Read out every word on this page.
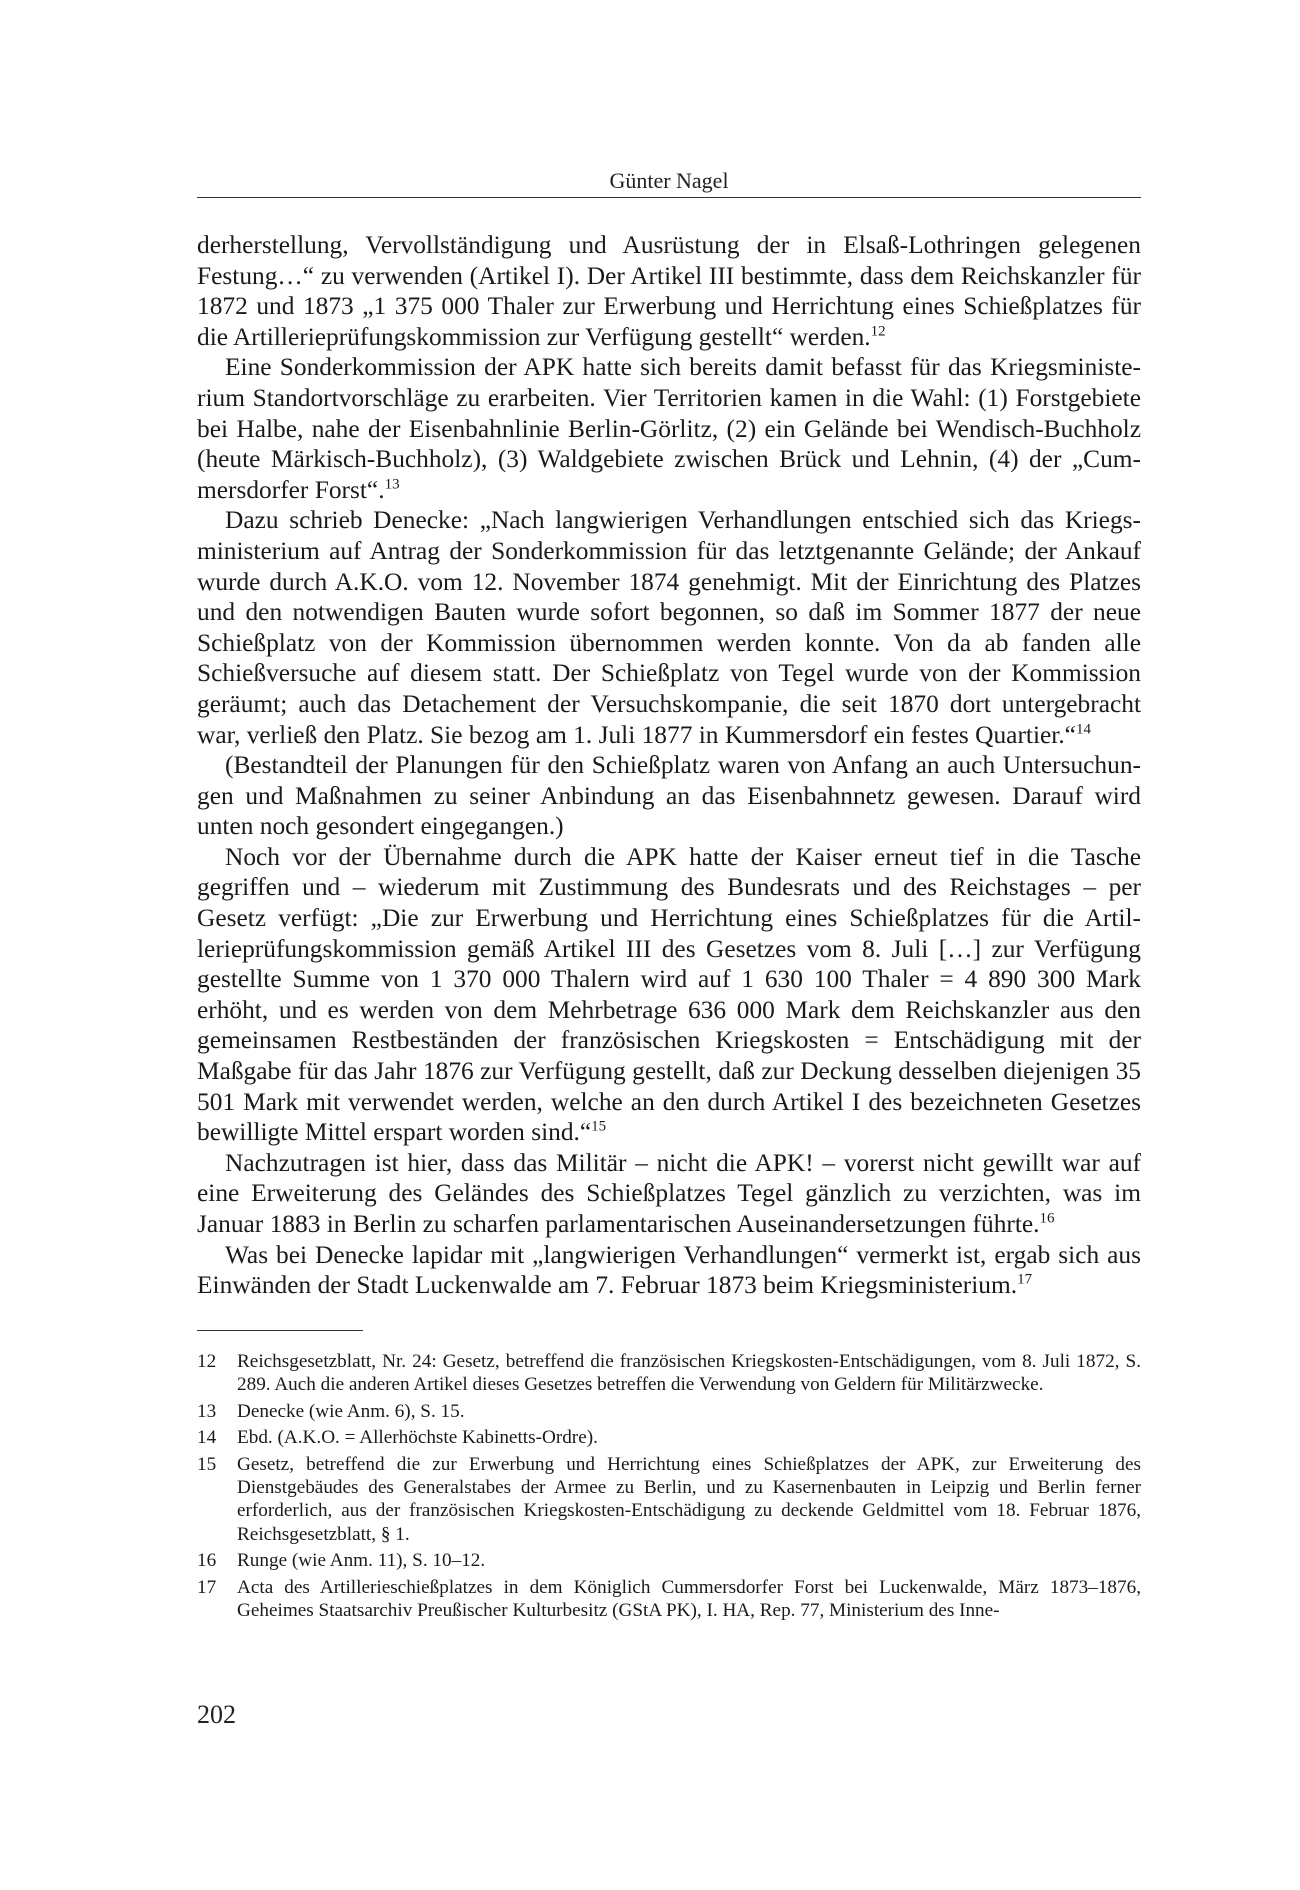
Günter Nagel

derherstellung, Vervollständigung und Ausrüstung der in Elsaß-Lothringen gelegenen Festung…“ zu verwenden (Artikel I). Der Artikel III bestimmte, dass dem Reichskanzler für 1872 und 1873 „1 375 000 Thaler zur Erwerbung und Herrichtung eines Schießplatzes für die Artillerieprüfungskommission zur Verfügung gestellt“ werden.$^{12}$

Eine Sonderkommission der APK hatte sich bereits damit befasst für das Kriegsministerium Standortvorschläge zu erarbeiten. Vier Territorien kamen in die Wahl: (1) Forstgebiete bei Halbe, nahe der Eisenbahnlinie Berlin-Görlitz, (2) ein Gelände bei Wendisch-Buchholz (heute Märkisch-Buchholz), (3) Waldgebiete zwischen Brück und Lehnin, (4) der „Cummersdorfer Forst“.$^{13}$

Dazu schrieb Denecke: „Nach langwierigen Verhandlungen entschied sich das Kriegsministerium auf Antrag der Sonderkommission für das letztgenannte Gelände; der Ankauf wurde durch A.K.O. vom 12. November 1874 genehmigt. Mit der Einrichtung des Platzes und den notwendigen Bauten wurde sofort begonnen, so daß im Sommer 1877 der neue Schießplatz von der Kommission übernommen werden konnte. Von da ab fanden alle Schießversuche auf diesem statt. Der Schießplatz von Tegel wurde von der Kommission geräumt; auch das Detachement der Versuchskompanie, die seit 1870 dort untergebracht war, verließ den Platz. Sie bezog am 1. Juli 1877 in Kummersdorf ein festes Quartier.“$^{14}$

(Bestandteil der Planungen für den Schießplatz waren von Anfang an auch Untersuchungen und Maßnahmen zu seiner Anbindung an das Eisenbahnnetz gewesen. Darauf wird unten noch gesondert eingegangen.)

Noch vor der Übernahme durch die APK hatte der Kaiser erneut tief in die Tasche gegriffen und – wiederum mit Zustimmung des Bundesrats und des Reichstages – per Gesetz verfügt: „Die zur Erwerbung und Herrichtung eines Schießplatzes für die Artillerieprüfungskommission gemäß Artikel III des Gesetzes vom 8. Juli […] zur Verfügung gestellte Summe von 1 370 000 Thalern wird auf 1 630 100 Thaler = 4 890 300 Mark erhöht, und es werden von dem Mehrbetrage 636 000 Mark dem Reichskanzler aus den gemeinsamen Restbeständen der französischen Kriegskosten = Entschädigung mit der Maßgabe für das Jahr 1876 zur Verfügung gestellt, daß zur Deckung desselben diejenigen 35 501 Mark mit verwendet werden, welche an den durch Artikel I des bezeichneten Gesetzes bewilligte Mittel erspart worden sind.“$^{15}$

Nachzutragen ist hier, dass das Militär – nicht die APK! – vorerst nicht gewillt war auf eine Erweiterung des Geländes des Schießplatzes Tegel gänzlich zu verzichten, was im Januar 1883 in Berlin zu scharfen parlamentarischen Auseinandersetzungen führte.$^{16}$

Was bei Denecke lapidar mit „langwierigen Verhandlungen“ vermerkt ist, ergab sich aus Einwänden der Stadt Luckenwalde am 7. Februar 1873 beim Kriegsministerium.$^{17}$

12	Reichsgesetzblatt, Nr. 24: Gesetz, betreffend die französischen Kriegskosten-Entschädigungen, vom 8. Juli 1872, S. 289. Auch die anderen Artikel dieses Gesetzes betreffen die Verwendung von Geldern für Militärzwecke.
13	Denecke (wie Anm. 6), S. 15.
14	Ebd. (A.K.O. = Allerhöchste Kabinetts-Ordre).
15	Gesetz, betreffend die zur Erwerbung und Herrichtung eines Schießplatzes der APK, zur Erweiterung des Dienstgebäudes des Generalstabes der Armee zu Berlin, und zu Kasernenbauten in Leipzig und Berlin ferner erforderlich, aus der französischen Kriegskosten-Entschädigung zu deckende Geldmittel vom 18. Februar 1876, Reichsgesetzblatt, § 1.
16	Runge (wie Anm. 11), S. 10–12.
17	Acta des Artillerieschießplatzes in dem Königlich Cummersdorfer Forst bei Luckenwalde, März 1873–1876, Geheimes Staatsarchiv Preußischer Kulturbesitz (GStA PK), I. HA, Rep. 77, Ministerium des Inne-
202
